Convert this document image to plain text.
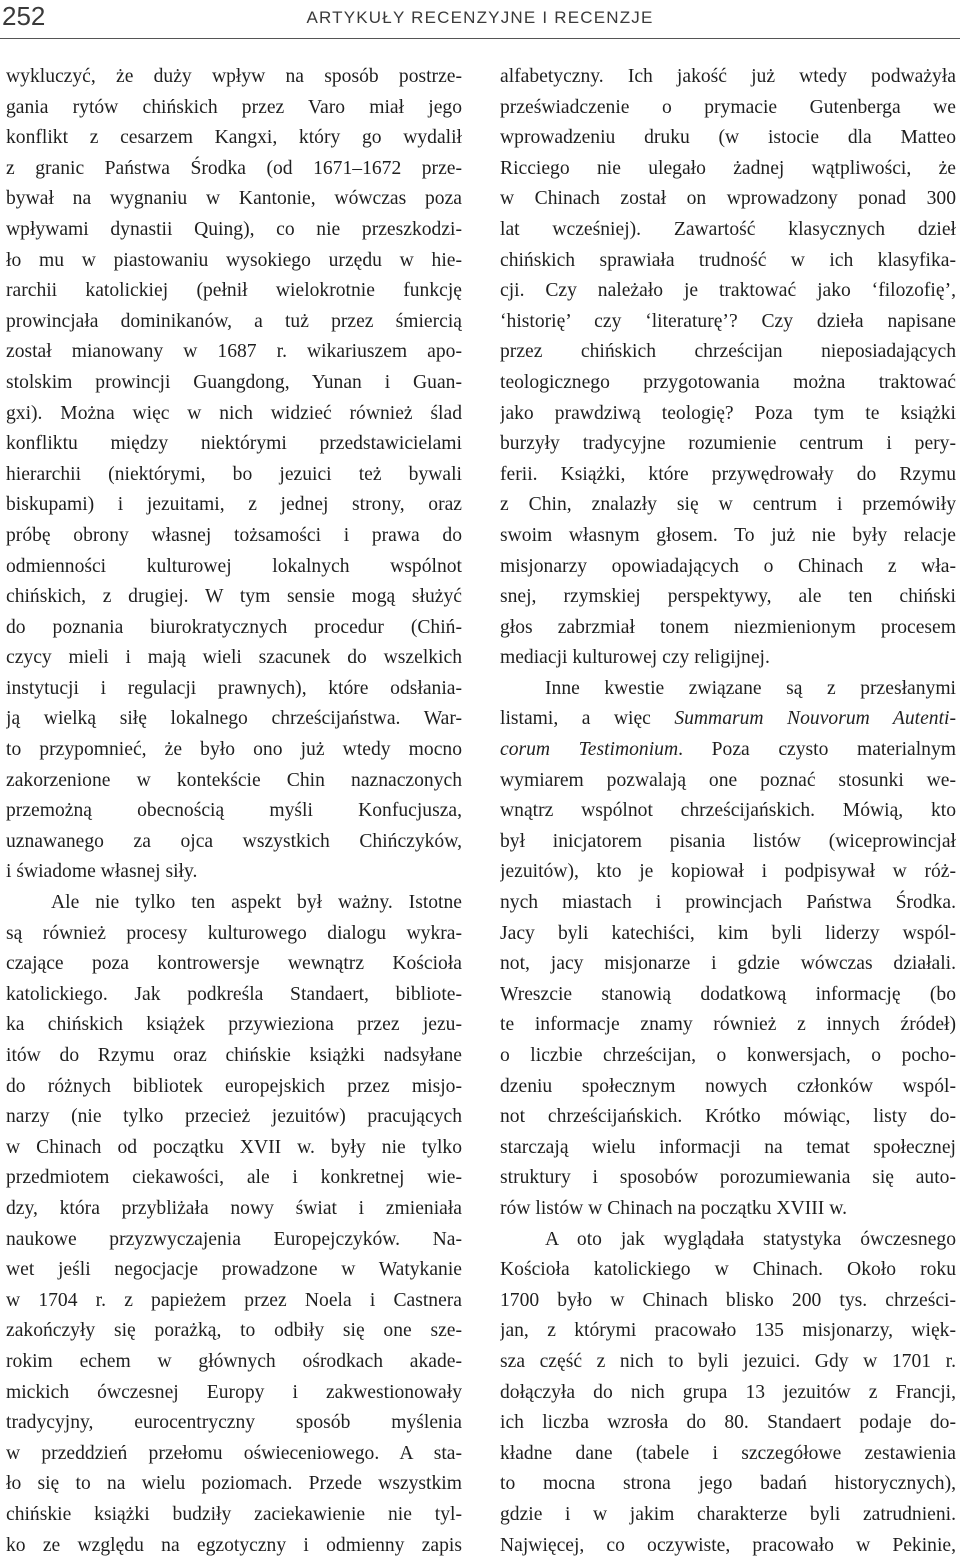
252	ARTYKUŁY RECENZYJNE I RECENZJE
wykluczyć, że duży wpływ na sposób postrze-
gania rytów chińskich przez Varo miał jego
konflikt z cesarzem Kangxi, który go wydalił
z granic Państwa Środka (od 1671–1672 prze-
bywał na wygnaniu w Kantonie, wówczas poza
wpływami dynastii Quing), co nie przeszkodzi-
ło mu w piastowaniu wysokiego urzędu w hie-
rarchii katolickiej (pełnił wielokrotnie funkcję
prowincjała dominikanów, a tuż przez śmiercią
został mianowany w 1687 r. wikariuszem apo-
stolskim prowincji Guangdong, Yunan i Guan-
gxi). Można więc w nich widzieć również ślad
konfliktu między niektórymi przedstawicielami
hierarchii (niektórymi, bo jezuici też bywali
biskupami) i jezuitami, z jednej strony, oraz
próbę obrony własnej tożsamości i prawa do
odmienności kulturowej lokalnych wspólnot
chińskich, z drugiej. W tym sensie mogą służyć
do poznania biurokratycznych procedur (Chiń-
czycy mieli i mają wieli szacunek do wszelkich
instytucji i regulacji prawnych), które odsłania-
ją wielką siłę lokalnego chrześcijaństwa. War-
to przypomnieć, że było ono już wtedy mocno
zakorzenione w kontekście Chin naznaczonych
przemożną obecnością myśli Konfucjusza,
uznawanego za ojca wszystkich Chińczyków,
i świadome własnej siły.
Ale nie tylko ten aspekt był ważny. Istotne
są również procesy kulturowego dialogu wykra-
czające poza kontrowersje wewnątrz Kościoła
katolickiego. Jak podkreśla Standaert, bibliote-
ka chińskich książek przywieziona przez jezu-
itów do Rzymu oraz chińskie książki nadsyłane
do różnych bibliotek europejskich przez misjo-
narzy (nie tylko przecież jezuitów) pracujących
w Chinach od początku XVII w. były nie tylko
przedmiotem ciekawości, ale i konkretnej wie-
dzy, która przybliżała nowy świat i zmieniała
naukowe przyzwyczajenia Europejczyków. Na-
wet jeśli negocjacje prowadzone w Watykanie
w 1704 r. z papieżem przez Noela i Castnera
zakończyły się porażką, to odbiły się one sze-
rokim echem w głównych ośrodkach akade-
mickich ówczesnej Europy i zakwestionowały
tradycyjny, eurocentryczny sposób myślenia
w przeddzień przełomu oświeceniowego. A sta-
ło się to na wielu poziomach. Przede wszystkim
chińskie książki budziły zaciekawienie nie tyl-
ko ze względu na egzotyczny i odmienny zapis
alfabetyczny. Ich jakość już wtedy podważyła
przeświadczenie o prymacie Gutenberga we
wprowadzeniu druku (w istocie dla Matteo
Ricciego nie ulegało żadnej wątpliwości, że
w Chinach został on wprowadzony ponad 300
lat wcześniej). Zawartość klasycznych dzieł
chińskich sprawiała trudność w ich klasyfika-
cji. Czy należało je traktować jako ‘filozofię’,
‘historię’ czy ‘literaturę’? Czy dzieła napisane
przez chińskich chrześcijan nieposiadających
teologicznego przygotowania można traktować
jako prawdziwą teologię? Poza tym te książki
burzyły tradycyjne rozumienie centrum i pery-
ferii. Książki, które przywędrowały do Rzymu
z Chin, znalazły się w centrum i przemówiły
swoim własnym głosem. To już nie były relacje
misjonarzy opowiadających o Chinach z wła-
snej, rzymskiej perspektywy, ale ten chiński
głos zabrzmiał tonem niezmienionym procesem
mediacji kulturowej czy religijnej.
Inne kwestie związane są z przesłanymi
listami, a więc Summarum Nouvorum Autenti-
corum Testimonium. Poza czysto materialnym
wymiarem pozwalają one poznać stosunki we-
wnątrz wspólnot chrześcijańskich. Mówią, kto
był inicjatorem pisania listów (wiceprowincjał
jezuitów), kto je kopiował i podpisywał w róż-
nych miastach i prowincjach Państwa Środka.
Jacy byli katechiści, kim byli liderzy wspól-
not, jacy misjonarze i gdzie wówczas działali.
Wreszcie stanowią dodatkową informację (bo
te informacje znamy również z innych źródeł)
o liczbie chrześcijan, o konwersjach, o pocho-
dzeniu społecznym nowych członków wspól-
not chrześcijańskich. Krótko mówiąc, listy do-
starczają wielu informacji na temat społecznej
struktury i sposobów porozumiewania się auto-
rów listów w Chinach na początku XVIII w.
A oto jak wyglądała statystyka ówczesnego
Kościoła katolickiego w Chinach. Około roku
1700 było w Chinach blisko 200 tys. chrześci-
jan, z którymi pracowało 135 misjonarzy, więk-
sza część z nich to byli jezuici. Gdy w 1701 r.
dołączyła do nich grupa 13 jezuitów z Francji,
ich liczba wzrosła do 80. Standaert podaje do-
kładne dane (tabele i szczegółowe zestawienia
to mocna strona jego badań historycznych),
gdzie i w jakim charakterze byli zatrudnieni.
Najwięcej, co oczywiste, pracowało w Pekinie,
